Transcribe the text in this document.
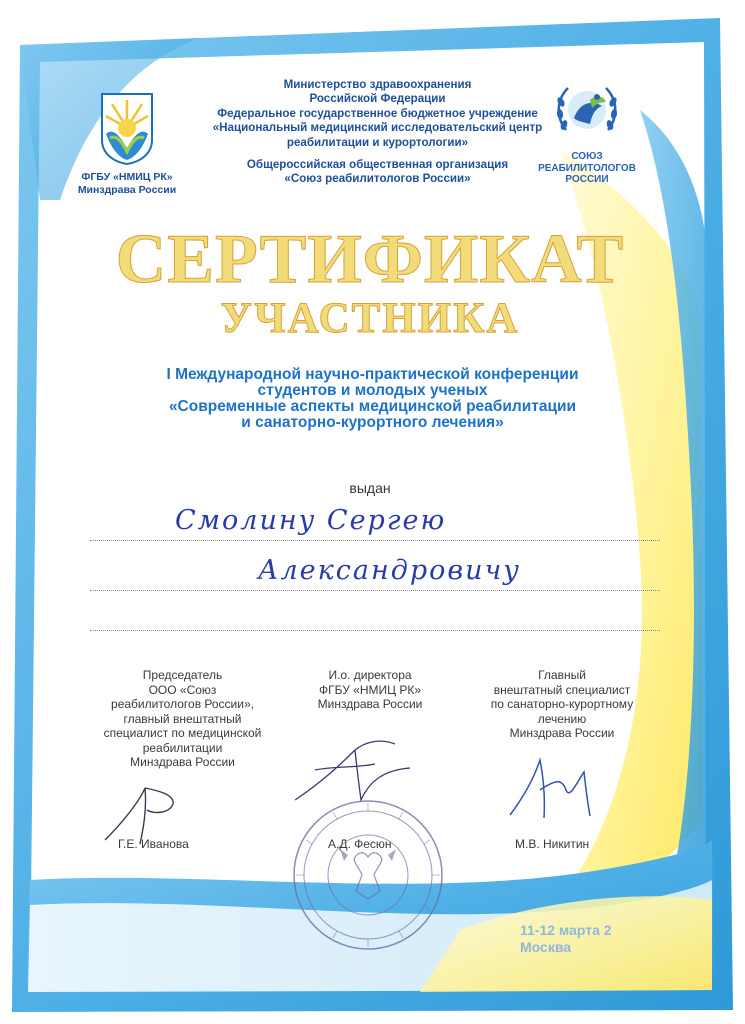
ФГБУ «НМИЦ РК»
Минздрава России
СОЮЗ
РЕАБИЛИТОЛОГОВ
РОССИИ
Министерство здравоохранения
Российской Федерации
Федеральное государственное бюджетное учреждение
«Национальный медицинский исследовательский центр
реабилитации и курортологии»
Общероссийская общественная организация
«Союз реабилитологов России»
СЕРТИФИКАТ
УЧАСТНИКА
I Международной научно-практической конференции
студентов и молодых ученых
«Современные аспекты медицинской реабилитации
и санаторно-курортного лечения»
выдан
Смолину Сергею
Александровичу
Председатель
ООО «Союз
реабилитологов России»,
главный внештатный
специалист по медицинской
реабилитации
Минздрава России
И.о. директора
ФГБУ «НМИЦ РК»
Минздрава России
Главный
внештатный специалист
по санаторно-курортному
лечению
Минздрава России
Г.Е. Иванова	А.Д. Фесюн	М.В. Никитин
11-12 марта 2
Москва
